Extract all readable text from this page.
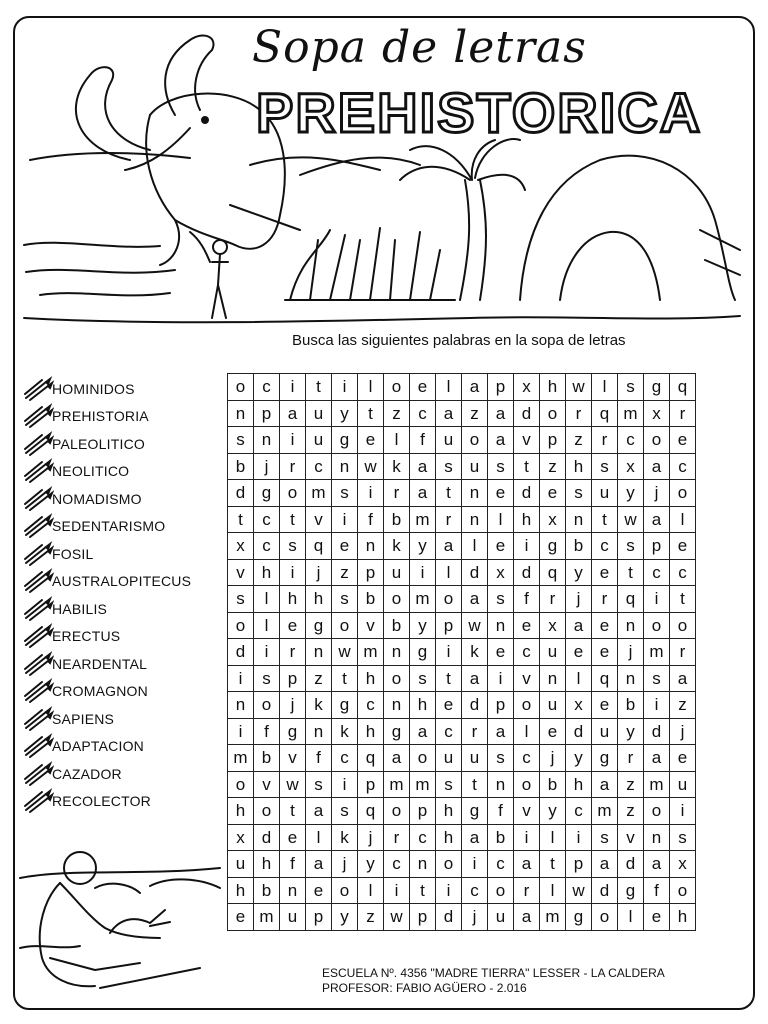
Sopa de letras
PREHISTORICA
Busca las siguientes palabras en la sopa de letras
HOMINIDOS
PREHISTORIA
PALEOLITICO
NEOLITICO
NOMADISMO
SEDENTARISMO
FOSIL
AUSTRALOPITECUS
HABILIS
ERECTUS
NEARDENTAL
CROMAGNON
SAPIENS
ADAPTACION
CAZADOR
RECOLECTOR
o	c	i	t	i	l	o	e	l	a	p	x	h	w	l	s	g	q
n	p	a	u	y	t	z	c	a	z	a	d	o	r	q	m	x	r
s	n	i	u	g	e	l	f	u	o	a	v	p	z	r	c	o	e
b	j	r	c	n	w	k	a	s	u	s	t	z	h	s	x	a	c
d	g	o	m	s	i	r	a	t	n	e	d	e	s	u	y	j	o
t	c	t	v	i	f	b	m	r	n	l	h	x	n	t	w	a	l
x	c	s	q	e	n	k	y	a	l	e	i	g	b	c	s	p	e
v	h	i	j	z	p	u	i	l	d	x	d	q	y	e	t	c	c
s	l	h	h	s	b	o	m	o	a	s	f	r	j	r	q	i	t
o	l	e	g	o	v	b	y	p	w	n	e	x	a	e	n	o	o
d	i	r	n	w	m	n	g	i	k	e	c	u	e	e	j	m	r
i	s	p	z	t	h	o	s	t	a	i	v	n	l	q	n	s	a
n	o	j	k	g	c	n	h	e	d	p	o	u	x	e	b	i	z
i	f	g	n	k	h	g	a	c	r	a	l	e	d	u	y	d	j
m	b	v	f	c	q	a	o	u	u	s	c	j	y	g	r	a	e
o	v	w	s	i	p	m	m	s	t	n	o	b	h	a	z	m	u
h	o	t	a	s	q	o	p	h	g	f	v	y	c	m	z	o	i
x	d	e	l	k	j	r	c	h	a	b	i	l	i	s	v	n	s
u	h	f	a	j	y	c	n	o	i	c	a	t	p	a	d	a	x
h	b	n	e	o	l	i	t	i	c	o	r	l	w	d	g	f	o
e	m	u	p	y	z	w	p	d	j	u	a	m	g	o	l	e	h
ESCUELA Nº. 4356 "MADRE TIERRA" LESSER - LA CALDERA
PROFESOR: FABIO AGÜERO - 2.016
